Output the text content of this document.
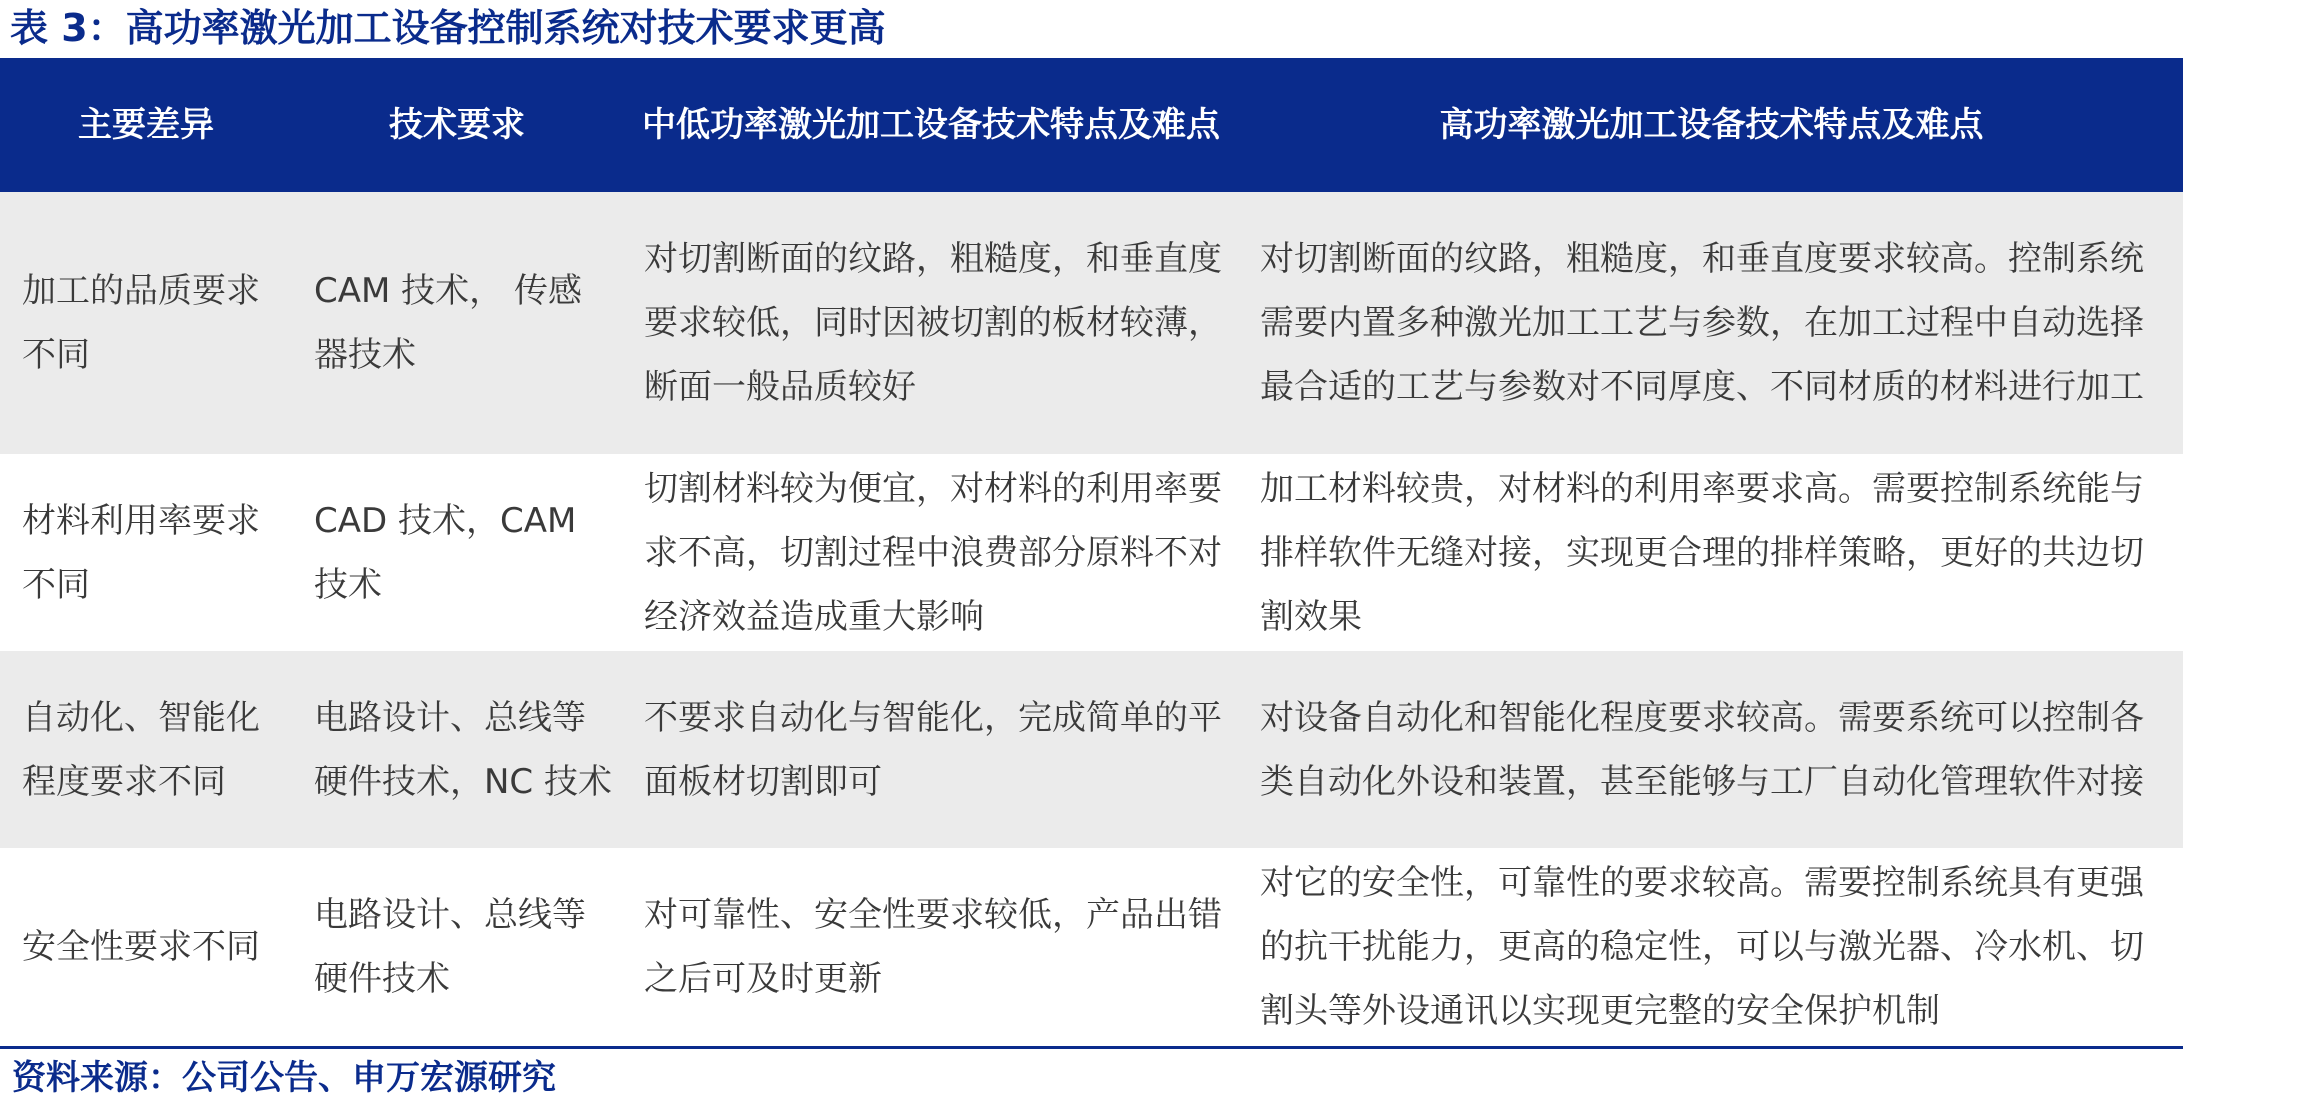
表 3：高功率激光加工设备控制系统对技术要求更高
主要差异	技术要求	中低功率激光加工设备技术特点及难点	高功率激光加工设备技术特点及难点
加工的品质要求不同	CAM 技术， 传感器技术	对切割断面的纹路，粗糙度，和垂直度要求较低，同时因被切割的板材较薄，断面一般品质较好	对切割断面的纹路，粗糙度，和垂直度要求较高。控制系统需要内置多种激光加工工艺与参数，在加工过程中自动选择最合适的工艺与参数对不同厚度、不同材质的材料进行加工
材料利用率要求不同	CAD 技术，CAM 技术	切割材料较为便宜，对材料的利用率要求不高，切割过程中浪费部分原料不对经济效益造成重大影响	加工材料较贵，对材料的利用率要求高。需要控制系统能与排样软件无缝对接，实现更合理的排样策略，更好的共边切割效果
自动化、智能化程度要求不同	电路设计、总线等硬件技术，NC 技术	不要求自动化与智能化，完成简单的平面板材切割即可	对设备自动化和智能化程度要求较高。需要系统可以控制各类自动化外设和装置，甚至能够与工厂自动化管理软件对接
安全性要求不同	电路设计、总线等硬件技术	对可靠性、安全性要求较低，产品出错之后可及时更新	对它的安全性，可靠性的要求较高。需要控制系统具有更强的抗干扰能力，更高的稳定性，可以与激光器、冷水机、切割头等外设通讯以实现更完整的安全保护机制
资料来源：公司公告、申万宏源研究
